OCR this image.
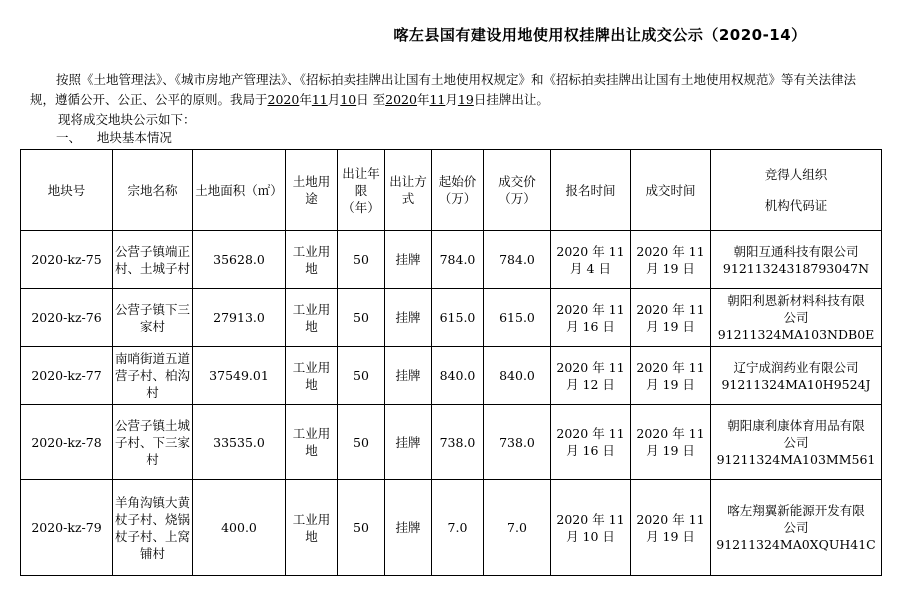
喀左县国有建设用地使用权挂牌出让成交公示（2020-14）
按照《土地管理法》、《城市房地产管理法》、《招标拍卖挂牌出让国有土地使用权规定》和《招标拍卖挂牌出让国有土地使用权规范》等有关法律法规，遵循公开、公正、公平的原则。我局于2020年11月10日 至2020年11月19日挂牌出让。
现将成交地块公示如下：
一、    地块基本情况
地块号	宗地名称	土地面积（㎡）	土地用途	出让年限（年）	出让方式	起始价（万）	成交价（万）	报名时间	成交时间	竞得人组织
机构代码证

2020-kz-75	公营子镇端正村、土城子村	35628.0	工业用地	50	挂牌	784.0	784.0	2020 年 11 月 4 日	2020 年 11 月 19 日	朝阳互通科技有限公司
91211324318793047N

2020-kz-76	公营子镇下三家村	27913.0	工业用地	50	挂牌	615.0	615.0	2020 年 11 月 16 日	2020 年 11 月 19 日	朝阳利恩新材料科技有限
公司 91211324MA103NDB0E

2020-kz-77	南哨街道五道营子村、柏沟村	37549.01	工业用地	50	挂牌	840.0	840.0	2020 年 11 月 12 日	2020 年 11 月 19 日	辽宁成润药业有限公司
91211324MA10H9524J

2020-kz-78	公营子镇土城子村、下三家村	33535.0	工业用地	50	挂牌	738.0	738.0	2020 年 11 月 16 日	2020 年 11 月 19 日	朝阳康利康体育用品有限
公司 91211324MA103MM561

2020-kz-79	羊角沟镇大黄杖子村、烧锅杖子村、上窝铺村	400.0	工业用地	50	挂牌	7.0	7.0	2020 年 11 月 10 日	2020 年 11 月 19 日	喀左翔翼新能源开发有限
公司 91211324MA0XQUH41C
